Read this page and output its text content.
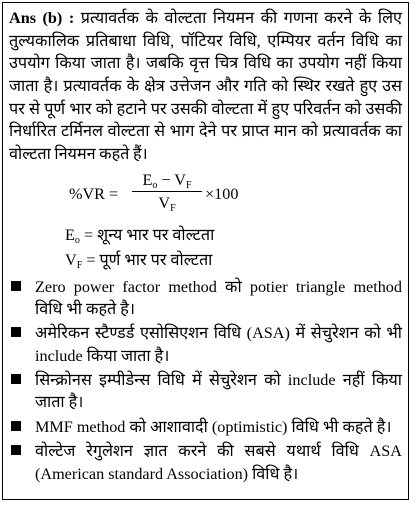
Ans (b) : प्रत्यावर्तक के वोल्टता नियमन की गणना करने के लिए तुल्यकालिक प्रतिबाधा विधि, पॉटियर विधि, एम्पियर वर्तन विधि का उपयोग किया जाता है। जबकि वृत्त चित्र विधि का उपयोग नहीं किया जाता है। प्रत्यावर्तक के क्षेत्र उत्तेजन और गति को स्थिर रखते हुए उस पर से पूर्ण भार को हटाने पर उसकी वोल्टता में हुए परिवर्तन को उसकी निर्धारित टर्मिनल वोल्टता से भाग देने पर प्राप्त मान को प्रत्यावर्तक का वोल्टता नियमन कहते हैं।

$\%VR = \frac{E_o - V_F}{V_F} \times 100$
$E_o$ = शून्य भार पर वोल्टता
$V_F$ = पूर्ण भार पर वोल्टता
Zero power factor method को potier triangle method विधि भी कहते है।
अमेरिकन स्टैण्डर्ड एसोसिएशन विधि (ASA) में सेचुरेशन को भी include किया जाता है।
सिन्क्रोनस इम्पीडेन्स विधि में सेचुरेशन को include नहीं किया जाता है।
MMF method को आशावादी (optimistic) विधि भी कहते है।
वोल्टेज रेगुलेशन ज्ञात करने की सबसे यथार्थ विधि ASA (American standard Association) विधि है।
